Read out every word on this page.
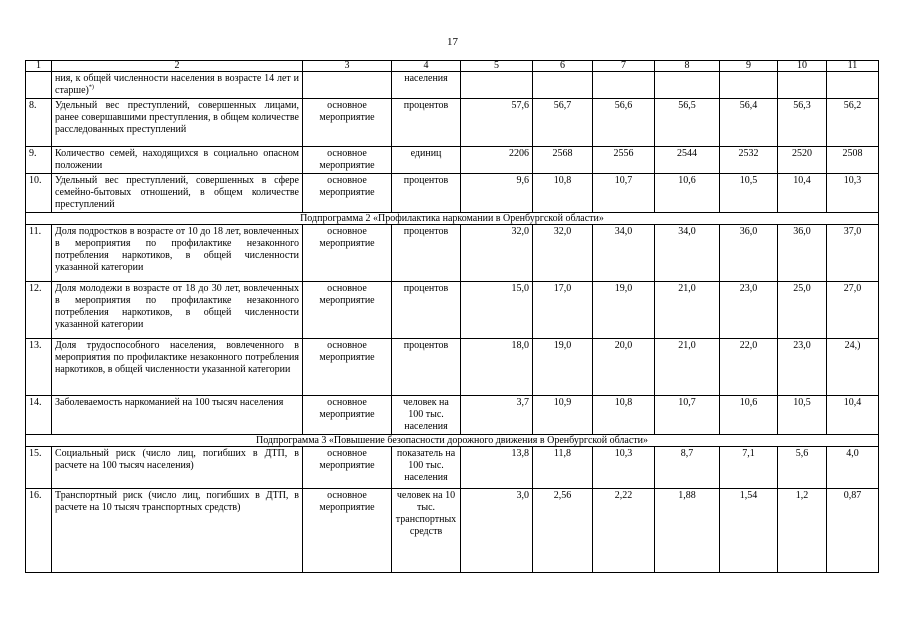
17
1	2	3	4	5	6	7	8	9	10	11
	ния, к общей численности населения в возрасте 14 лет и старше)*)		населения							
8.	Удельный вес преступлений, совершенных лицами, ранее совершавшими преступления, в общем количестве расследованных преступлений	основное мероприятие	процентов	57,6	56,7	56,6	56,5	56,4	56,3	56,2
9.	Количество семей, находящихся в социально опасном положении	основное мероприятие	единиц	2206	2568	2556	2544	2532	2520	2508
10.	Удельный вес преступлений, совершенных в сфере семейно-бытовых отношений, в общем количестве преступлений	основное мероприятие	процентов	9,6	10,8	10,7	10,6	10,5	10,4	10,3
Подпрограмма 2 «Профилактика наркомании в Оренбургской области»										
11.	Доля подростков в возрасте от 10 до 18 лет, вовлеченных в мероприятия по профилактике незаконного потребления наркотиков, в общей численности указанной категории	основное мероприятие	процентов	32,0	32,0	34,0	34,0	36,0	36,0	37,0
12.	Доля молодежи в возрасте от 18 до 30 лет, вовлеченных в мероприятия по профилактике незаконного потребления наркотиков, в общей численности указанной категории	основное мероприятие	процентов	15,0	17,0	19,0	21,0	23,0	25,0	27,0
13.	Доля трудоспособного населения, вовлеченного в мероприятия по профилактике незаконного потребления наркотиков, в общей численности указанной категории	основное мероприятие	процентов	18,0	19,0	20,0	21,0	22,0	23,0	24,)
14.	Заболеваемость наркоманией на 100 тысяч населения	основное мероприятие	человек на 100 тыс. населения	3,7	10,9	10,8	10,7	10,6	10,5	10,4
Подпрограмма 3 «Повышение безопасности дорожного движения в Оренбургской области»										
15.	Социальный риск (число лиц, погибших в ДТП, в расчете на 100 тысяч населения)	основное мероприятие	показатель на 100 тыс. населения	13,8	11,8	10,3	8,7	7,1	5,6	4,0
16.	Транспортный риск (число лиц, погибших в ДТП, в расчете на 10 тысяч транспортных средств)	основное мероприятие	человек на 10 тыс. транспортных средств	3,0	2,56	2,22	1,88	1,54	1,2	0,87
